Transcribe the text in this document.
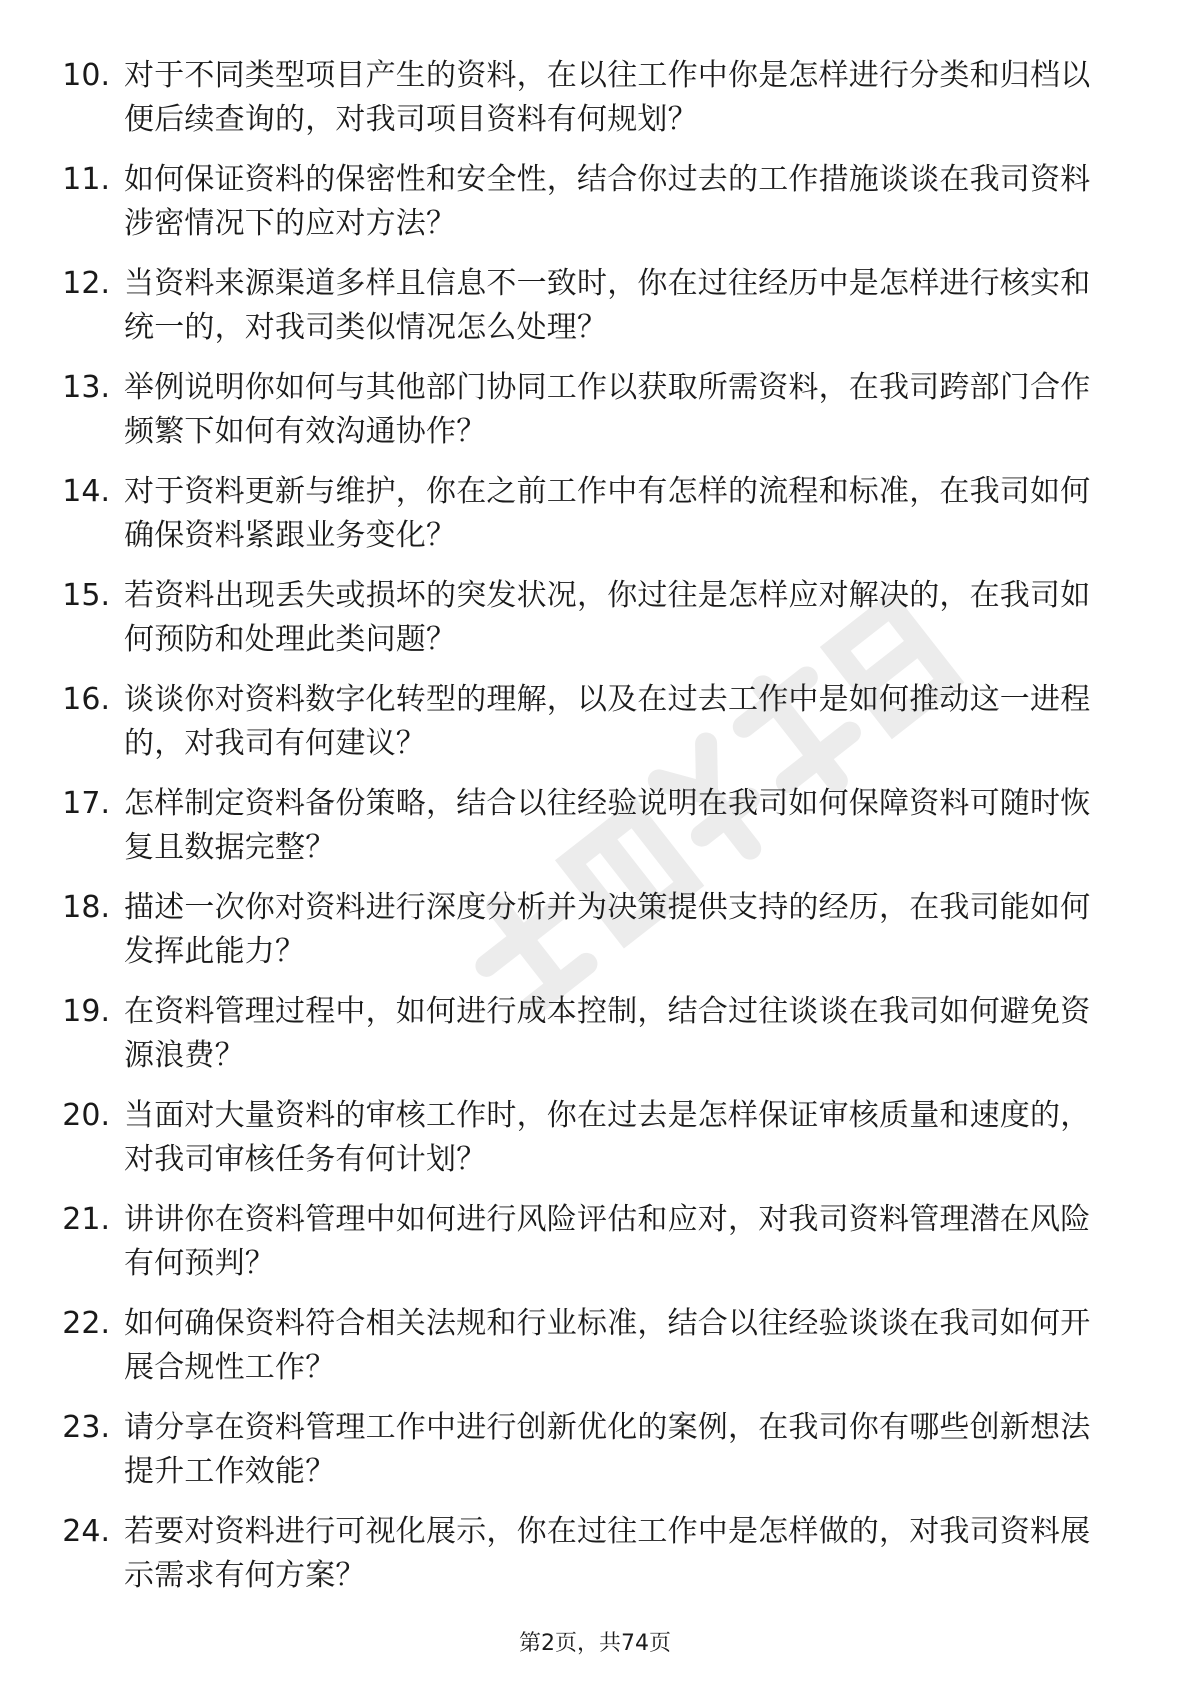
10. 对于不同类型项目产生的资料，在以往工作中你是怎样进行分类和归档以便后续查询的，对我司项目资料有何规划？
11. 如何保证资料的保密性和安全性，结合你过去的工作措施谈谈在我司资料涉密情况下的应对方法？
12. 当资料来源渠道多样且信息不一致时，你在过往经历中是怎样进行核实和统一的，对我司类似情况怎么处理？
13. 举例说明你如何与其他部门协同工作以获取所需资料，在我司跨部门合作频繁下如何有效沟通协作？
14. 对于资料更新与维护，你在之前工作中有怎样的流程和标准，在我司如何确保资料紧跟业务变化？
15. 若资料出现丢失或损坏的突发状况，你过往是怎样应对解决的，在我司如何预防和处理此类问题？
16. 谈谈你对资料数字化转型的理解，以及在过去工作中是如何推动这一进程的，对我司有何建议？
17. 怎样制定资料备份策略，结合以往经验说明在我司如何保障资料可随时恢复且数据完整？
18. 描述一次你对资料进行深度分析并为决策提供支持的经历，在我司能如何发挥此能力？
19. 在资料管理过程中，如何进行成本控制，结合过往谈谈在我司如何避免资源浪费？
20. 当面对大量资料的审核工作时，你在过去是怎样保证审核质量和速度的，对我司审核任务有何计划？
21. 讲讲你在资料管理中如何进行风险评估和应对，对我司资料管理潜在风险有何预判？
22. 如何确保资料符合相关法规和行业标准，结合以往经验谈谈在我司如何开展合规性工作？
23. 请分享在资料管理工作中进行创新优化的案例，在我司你有哪些创新想法提升工作效能？
24. 若要对资料进行可视化展示，你在过往工作中是怎样做的，对我司资料展示需求有何方案？
第2页，共74页
